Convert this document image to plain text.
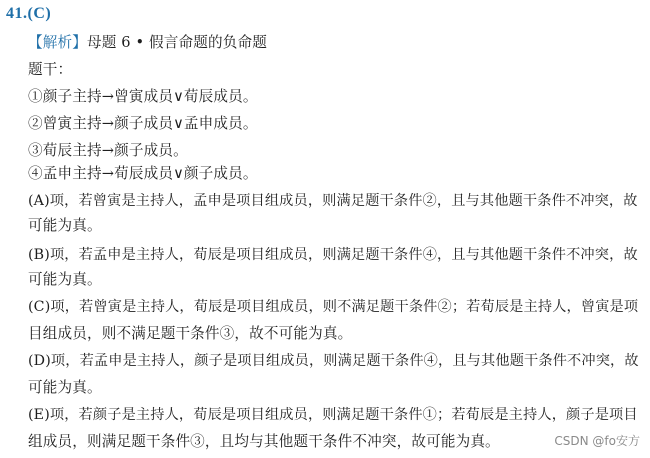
41.(C)
【解析】母题 6 • 假言命题的负命题
题干：
①颜子主持→曾寅成员∨荀辰成员。
②曾寅主持→颜子成员∨孟申成员。
③荀辰主持→颜子成员。
④孟申主持→荀辰成员∨颜子成员。
(A)项，若曾寅是主持人，孟申是项目组成员，则满足题干条件②，且与其他题干条件不冲突，故
可能为真。
(B)项，若孟申是主持人，荀辰是项目组成员，则满足题干条件④，且与其他题干条件不冲突，故
可能为真。
(C)项，若曾寅是主持人，荀辰是项目组成员，则不满足题干条件②；若荀辰是主持人，曾寅是项
目组成员，则不满足题干条件③，故不可能为真。
(D)项，若孟申是主持人，颜子是项目组成员，则满足题干条件④，且与其他题干条件不冲突，故
可能为真。
(E)项，若颜子是主持人，荀辰是项目组成员，则满足题干条件①；若荀辰是主持人，颜子是项目
组成员，则满足题干条件③，且均与其他题干条件不冲突，故可能为真。	CSDN @fo安方
